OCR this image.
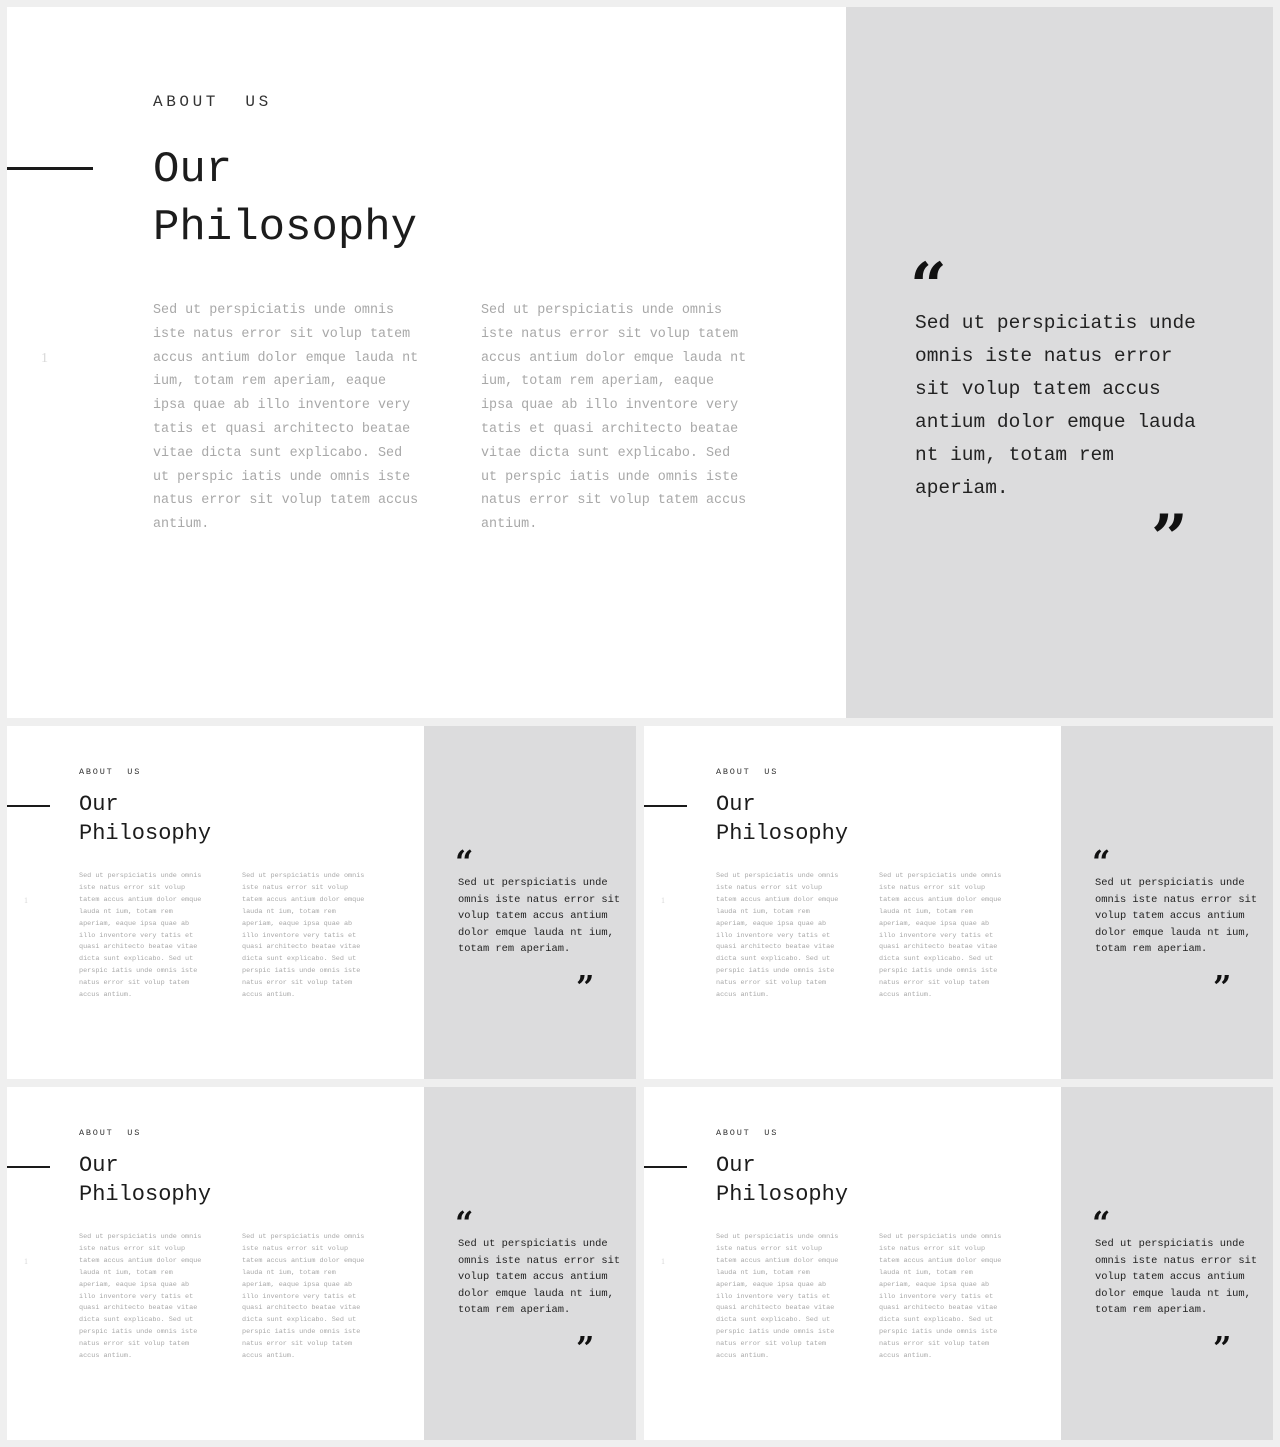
ABOUT  US
Our
Philosophy

Sed ut perspiciatis unde omnis iste natus error sit volup tatem accus antium dolor emque lauda nt ium, totam rem aperiam, eaque ipsa quae ab illo inventore very tatis et quasi architecto beatae vitae dicta sunt explicabo. Sed ut perspic iatis unde omnis iste natus error sit volup tatem accus antium.

Sed ut perspiciatis unde omnis iste natus error sit volup tatem accus antium dolor emque lauda nt ium, totam rem aperiam, eaque ipsa quae ab illo inventore very tatis et quasi architecto beatae vitae dicta sunt explicabo. Sed ut perspic iatis unde omnis iste natus error sit volup tatem accus antium.

1
“

Sed ut perspiciatis unde omnis iste natus error sit volup tatem accus antium dolor emque lauda nt ium, totam rem aperiam.

”
ABOUT  US
Our
Philosophy

Sed ut perspiciatis unde omnis iste natus error sit volup tatem accus antium dolor emque lauda nt ium, totam rem aperiam, eaque ipsa quae ab illo inventore very tatis et quasi architecto beatae vitae dicta sunt explicabo. Sed ut perspic iatis unde omnis iste natus error sit volup tatem accus antium.

Sed ut perspiciatis unde omnis iste natus error sit volup tatem accus antium dolor emque lauda nt ium, totam rem aperiam, eaque ipsa quae ab illo inventore very tatis et quasi architecto beatae vitae dicta sunt explicabo. Sed ut perspic iatis unde omnis iste natus error sit volup tatem accus antium.

1
“

Sed ut perspiciatis unde omnis iste natus error sit volup tatem accus antium dolor emque lauda nt ium, totam rem aperiam.

”
ABOUT  US
Our
Philosophy

Sed ut perspiciatis unde omnis iste natus error sit volup tatem accus antium dolor emque lauda nt ium, totam rem aperiam, eaque ipsa quae ab illo inventore very tatis et quasi architecto beatae vitae dicta sunt explicabo. Sed ut perspic iatis unde omnis iste natus error sit volup tatem accus antium.

Sed ut perspiciatis unde omnis iste natus error sit volup tatem accus antium dolor emque lauda nt ium, totam rem aperiam, eaque ipsa quae ab illo inventore very tatis et quasi architecto beatae vitae dicta sunt explicabo. Sed ut perspic iatis unde omnis iste natus error sit volup tatem accus antium.

1
“

Sed ut perspiciatis unde omnis iste natus error sit volup tatem accus antium dolor emque lauda nt ium, totam rem aperiam.

”
ABOUT  US
Our
Philosophy

Sed ut perspiciatis unde omnis iste natus error sit volup tatem accus antium dolor emque lauda nt ium, totam rem aperiam, eaque ipsa quae ab illo inventore very tatis et quasi architecto beatae vitae dicta sunt explicabo. Sed ut perspic iatis unde omnis iste natus error sit volup tatem accus antium.

Sed ut perspiciatis unde omnis iste natus error sit volup tatem accus antium dolor emque lauda nt ium, totam rem aperiam, eaque ipsa quae ab illo inventore very tatis et quasi architecto beatae vitae dicta sunt explicabo. Sed ut perspic iatis unde omnis iste natus error sit volup tatem accus antium.

1
“

Sed ut perspiciatis unde omnis iste natus error sit volup tatem accus antium dolor emque lauda nt ium, totam rem aperiam.

”
ABOUT  US
Our
Philosophy

Sed ut perspiciatis unde omnis iste natus error sit volup tatem accus antium dolor emque lauda nt ium, totam rem aperiam, eaque ipsa quae ab illo inventore very tatis et quasi architecto beatae vitae dicta sunt explicabo. Sed ut perspic iatis unde omnis iste natus error sit volup tatem accus antium.

Sed ut perspiciatis unde omnis iste natus error sit volup tatem accus antium dolor emque lauda nt ium, totam rem aperiam, eaque ipsa quae ab illo inventore very tatis et quasi architecto beatae vitae dicta sunt explicabo. Sed ut perspic iatis unde omnis iste natus error sit volup tatem accus antium.

1
“

Sed ut perspiciatis unde omnis iste natus error sit volup tatem accus antium dolor emque lauda nt ium, totam rem aperiam.

”
